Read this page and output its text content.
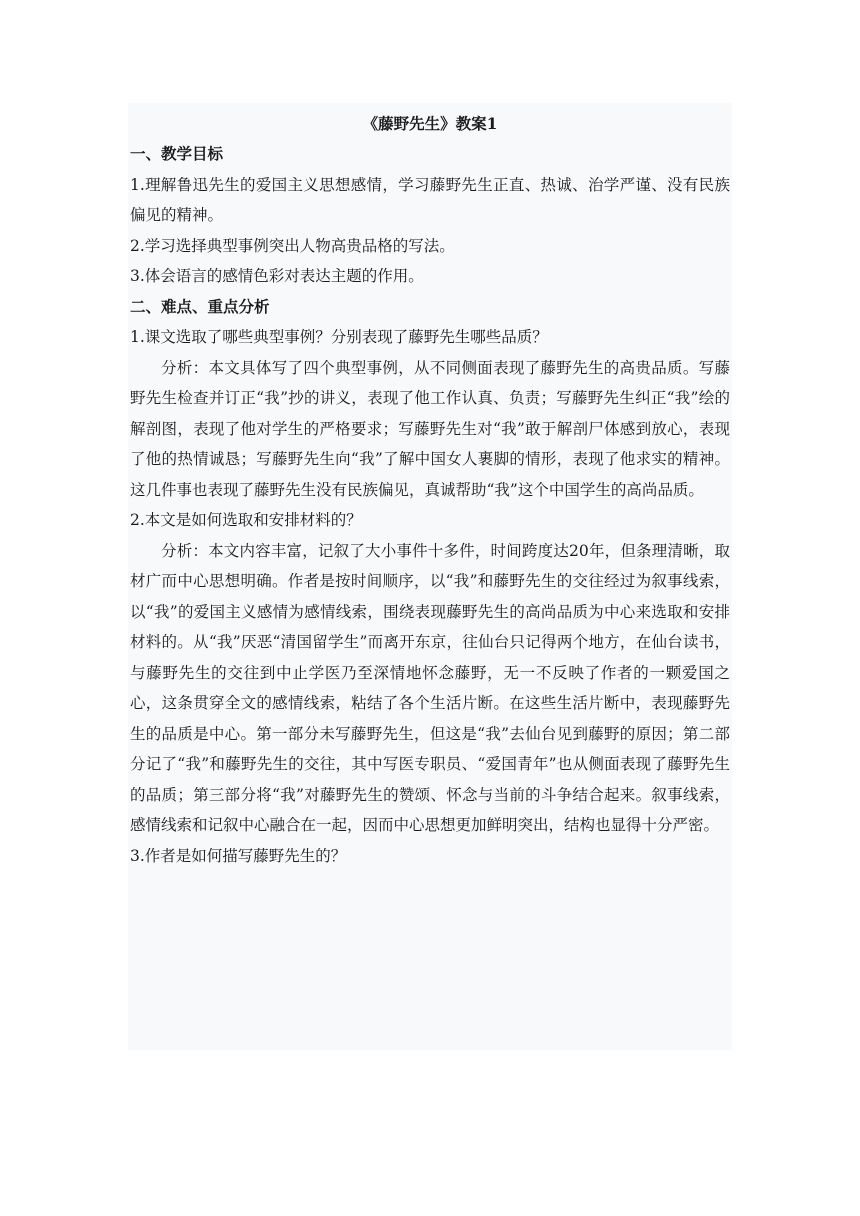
《藤野先生》教案1

一、教学目标

1.理解鲁迅先生的爱国主义思想感情，学习藤野先生正直、热诚、治学严谨、没有民族偏见的精神。

2.学习选择典型事例突出人物高贵品格的写法。

3.体会语言的感情色彩对表达主题的作用。

二、难点、重点分析

1.课文选取了哪些典型事例？分别表现了藤野先生哪些品质？

分析：本文具体写了四个典型事例，从不同侧面表现了藤野先生的高贵品质。写藤野先生检查并订正“我”抄的讲义，表现了他工作认真、负责；写藤野先生纠正“我”绘的解剖图，表现了他对学生的严格要求；写藤野先生对“我”敢于解剖尸体感到放心，表现了他的热情诚恳；写藤野先生向“我”了解中国女人裹脚的情形，表现了他求实的精神。这几件事也表现了藤野先生没有民族偏见，真诚帮助“我”这个中国学生的高尚品质。

2.本文是如何选取和安排材料的？

分析：本文内容丰富，记叙了大小事件十多件，时间跨度达20年，但条理清晰，取材广而中心思想明确。作者是按时间顺序，以“我”和藤野先生的交往经过为叙事线索，以“我”的爱国主义感情为感情线索，围绕表现藤野先生的高尚品质为中心来选取和安排材料的。从“我”厌恶“清国留学生”而离开东京，往仙台只记得两个地方，在仙台读书，与藤野先生的交往到中止学医乃至深情地怀念藤野，无一不反映了作者的一颗爱国之心，这条贯穿全文的感情线索，粘结了各个生活片断。在这些生活片断中，表现藤野先生的品质是中心。第一部分未写藤野先生，但这是“我”去仙台见到藤野的原因；第二部分记了“我”和藤野先生的交往，其中写医专职员、“爱国青年”也从侧面表现了藤野先生的品质；第三部分将“我”对藤野先生的赞颂、怀念与当前的斗争结合起来。叙事线索，感情线索和记叙中心融合在一起，因而中心思想更加鲜明突出，结构也显得十分严密。

3.作者是如何描写藤野先生的？
